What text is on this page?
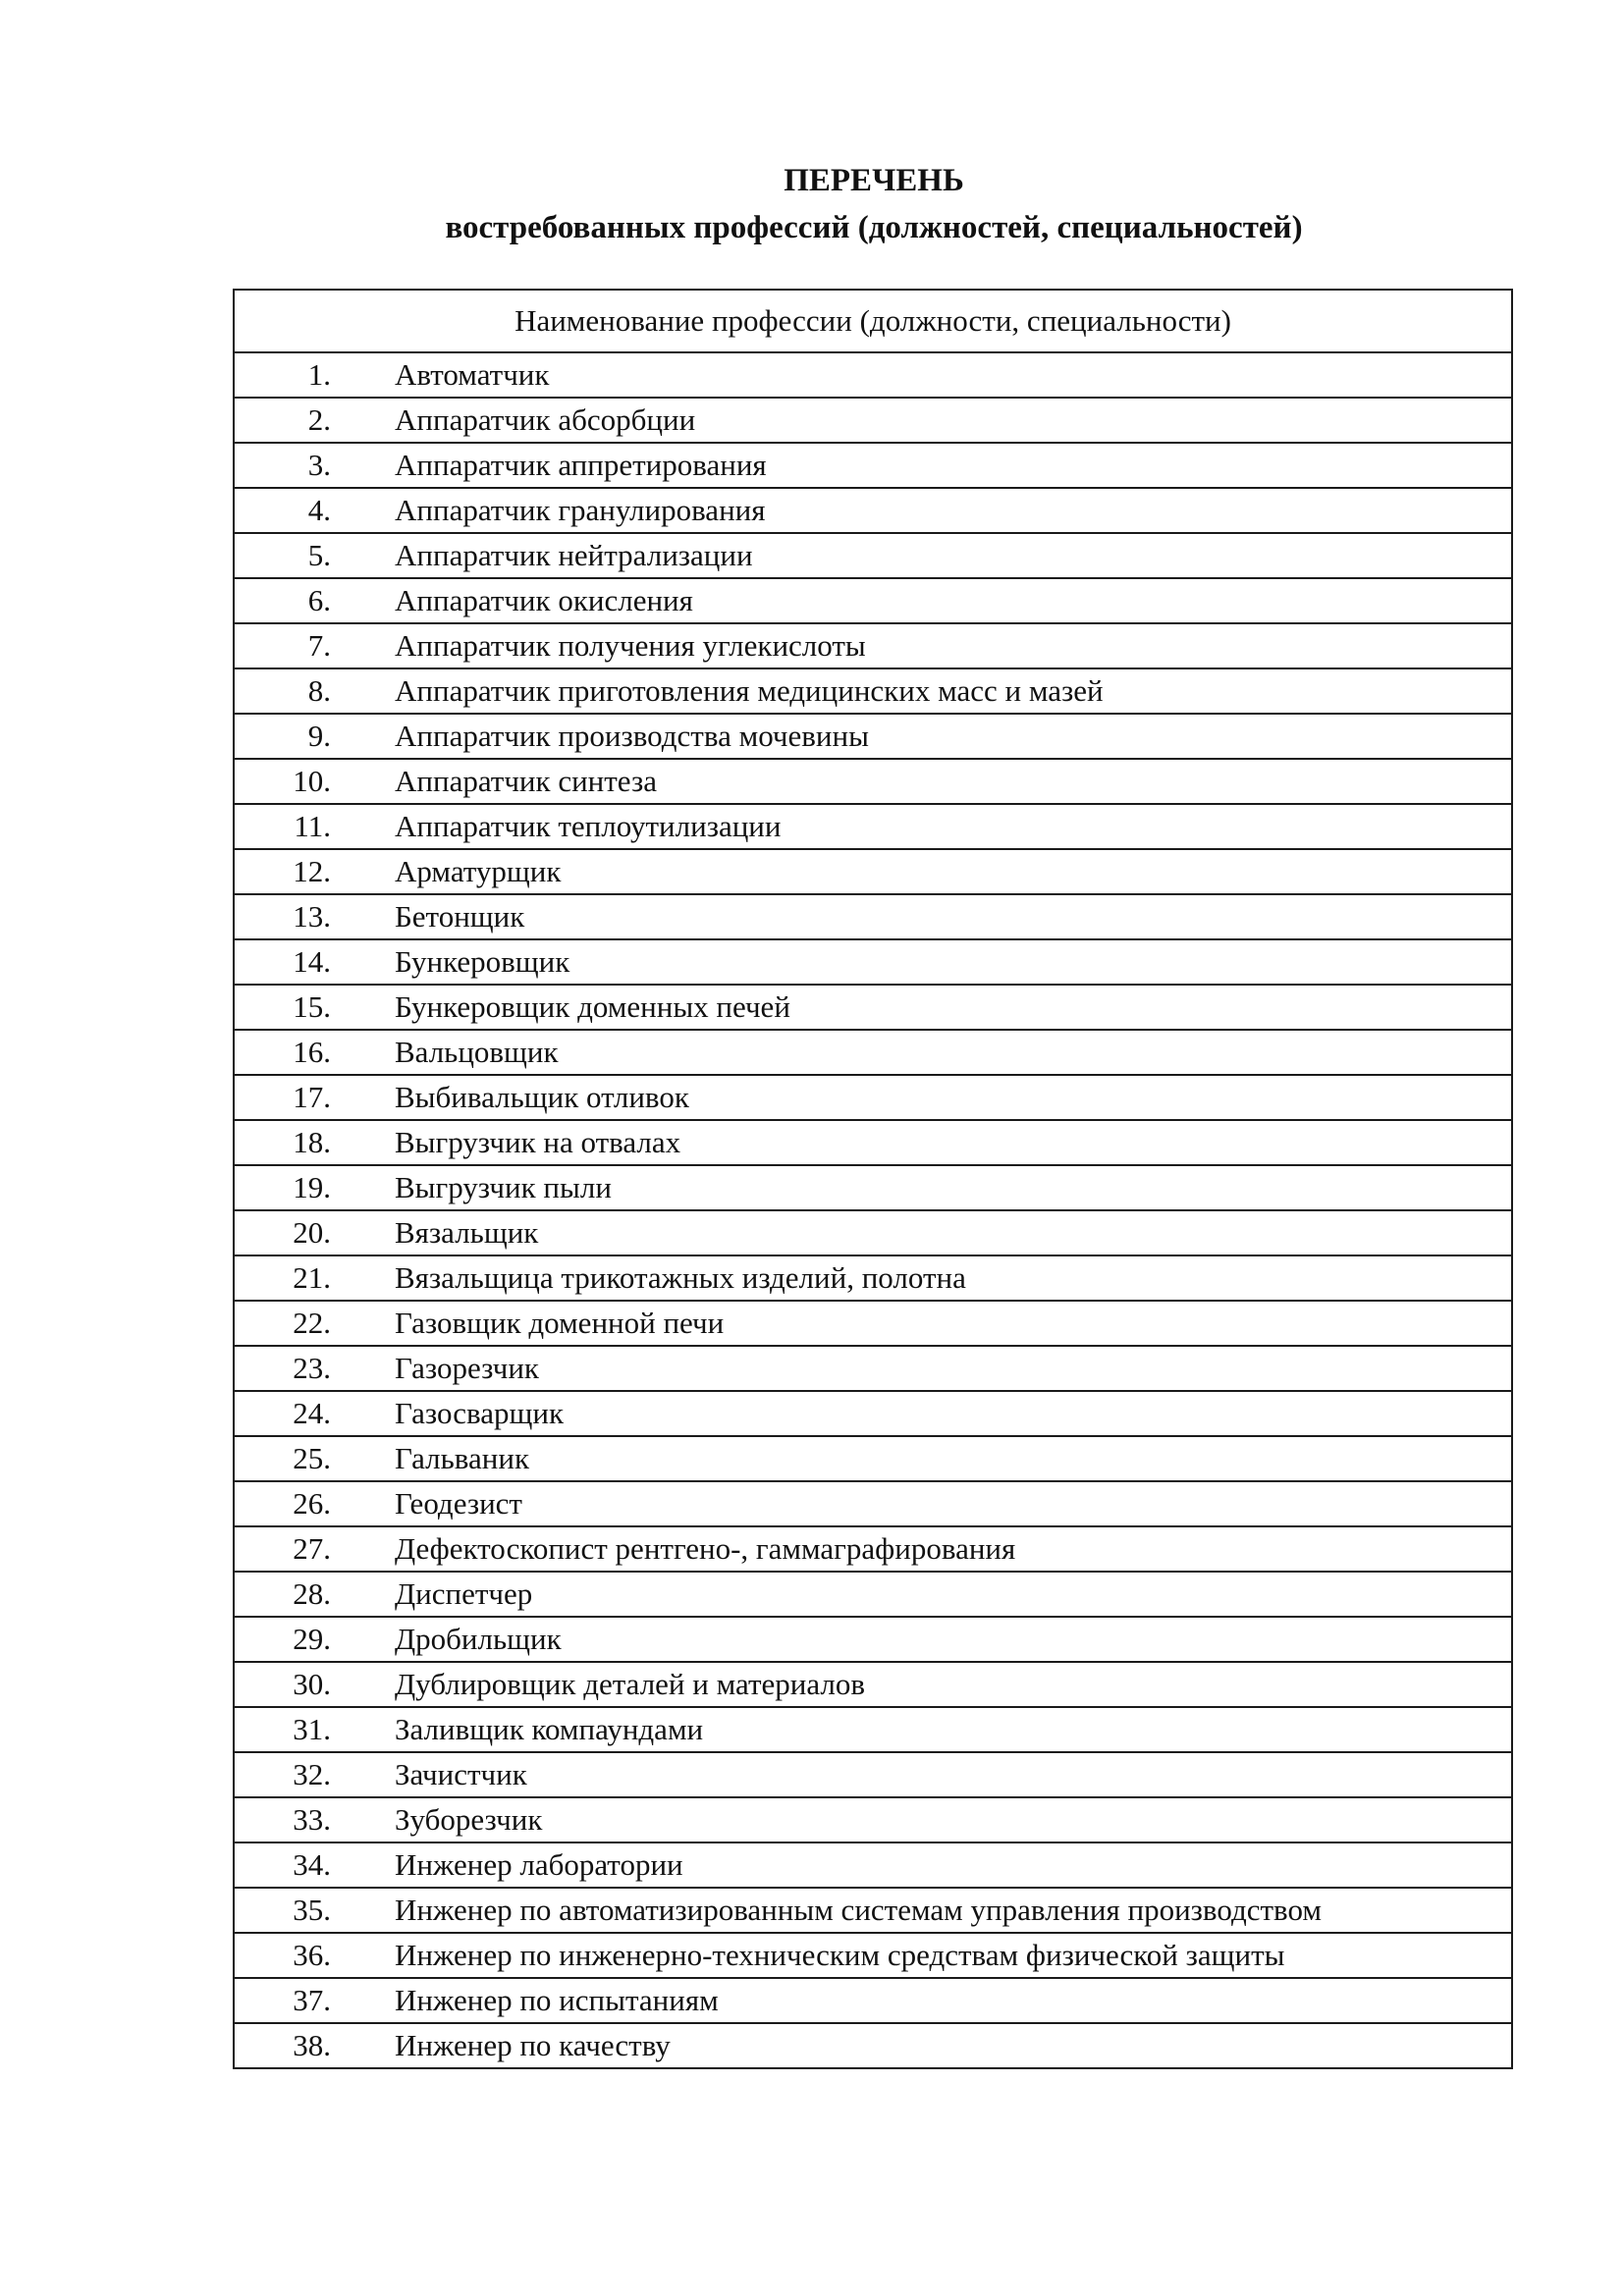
ПЕРЕЧЕНЬ

востребованных профессий (должностей, специальностей)

Наименование профессии (должности, специальности)	
1.	Автоматчик
2.	Аппаратчик абсорбции
3.	Аппаратчик аппретирования
4.	Аппаратчик гранулирования
5.	Аппаратчик нейтрализации
6.	Аппаратчик окисления
7.	Аппаратчик получения углекислоты
8.	Аппаратчик приготовления медицинских масс и мазей
9.	Аппаратчик производства мочевины
10.	Аппаратчик синтеза
11.	Аппаратчик теплоутилизации
12.	Арматурщик
13.	Бетонщик
14.	Бункеровщик
15.	Бункеровщик доменных печей
16.	Вальцовщик
17.	Выбивальщик отливок
18.	Выгрузчик на отвалах
19.	Выгрузчик пыли
20.	Вязальщик
21.	Вязальщица трикотажных изделий, полотна
22.	Газовщик доменной печи
23.	Газорезчик
24.	Газосварщик
25.	Гальваник
26.	Геодезист
27.	Дефектоскопист рентгено-, гаммаграфирования
28.	Диспетчер
29.	Дробильщик
30.	Дублировщик деталей и материалов
31.	Заливщик компаундами
32.	Зачистчик
33.	Зуборезчик
34.	Инженер лаборатории
35.	Инженер по автоматизированным системам управления производством
36.	Инженер по инженерно-техническим средствам физической защиты
37.	Инженер по испытаниям
38.	Инженер по качеству
